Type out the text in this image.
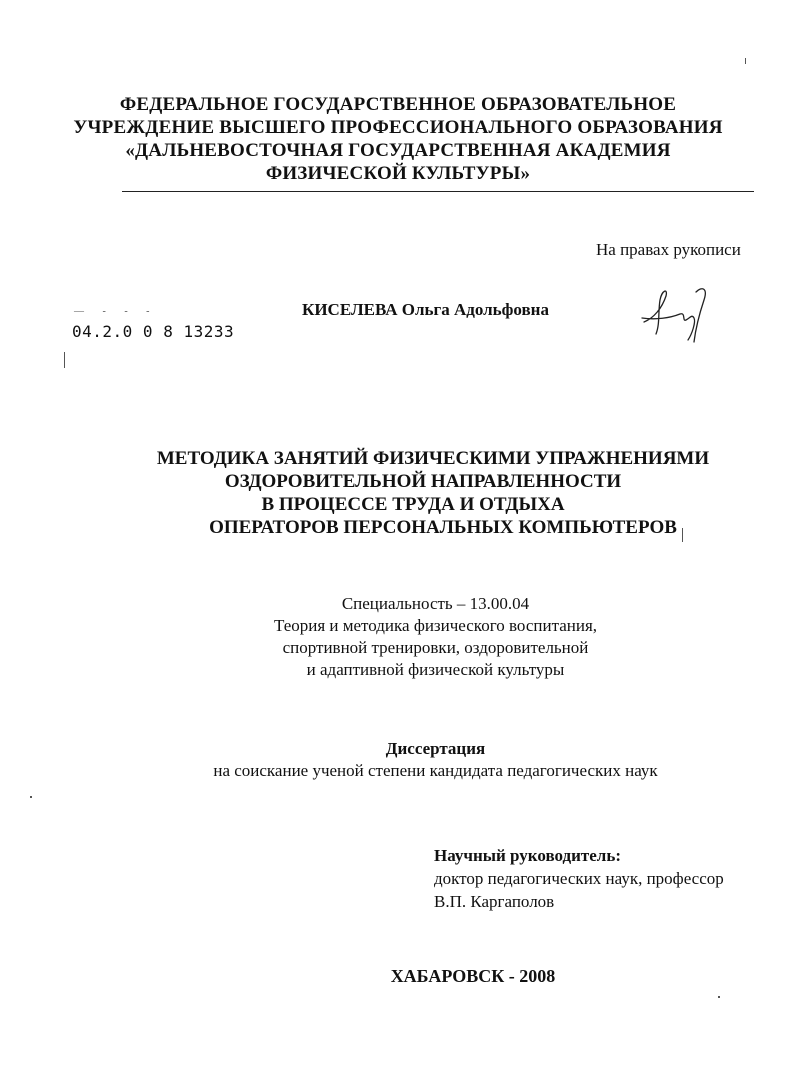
ФЕДЕРАЛЬНОЕ ГОСУДАРСТВЕННОЕ ОБРАЗОВАТЕЛЬНОЕ
УЧРЕЖДЕНИЕ ВЫСШЕГО ПРОФЕССИОНАЛЬНОГО ОБРАЗОВАНИЯ
«ДАЛЬНЕВОСТОЧНАЯ ГОСУДАРСТВЕННАЯ АКАДЕМИЯ
ФИЗИЧЕСКОЙ КУЛЬТУРЫ»
На правах рукописи
— - - -
04.2.0 0 8 13233
КИСЕЛЕВА Ольга Адольфовна
МЕТОДИКА ЗАНЯТИЙ ФИЗИЧЕСКИМИ УПРАЖНЕНИЯМИ
ОЗДОРОВИТЕЛЬНОЙ НАПРАВЛЕННОСТИ
В ПРОЦЕССЕ ТРУДА И ОТДЫХА
ОПЕРАТОРОВ ПЕРСОНАЛЬНЫХ КОМПЬЮТЕРОВ
Специальность – 13.00.04
Теория и методика физического воспитания,
спортивной тренировки, оздоровительной
и адаптивной физической культуры
Диссертация
на соискание ученой степени кандидата педагогических наук
Научный руководитель:
доктор педагогических наук, профессор
В.П. Каргаполов
ХАБАРОВСК - 2008
